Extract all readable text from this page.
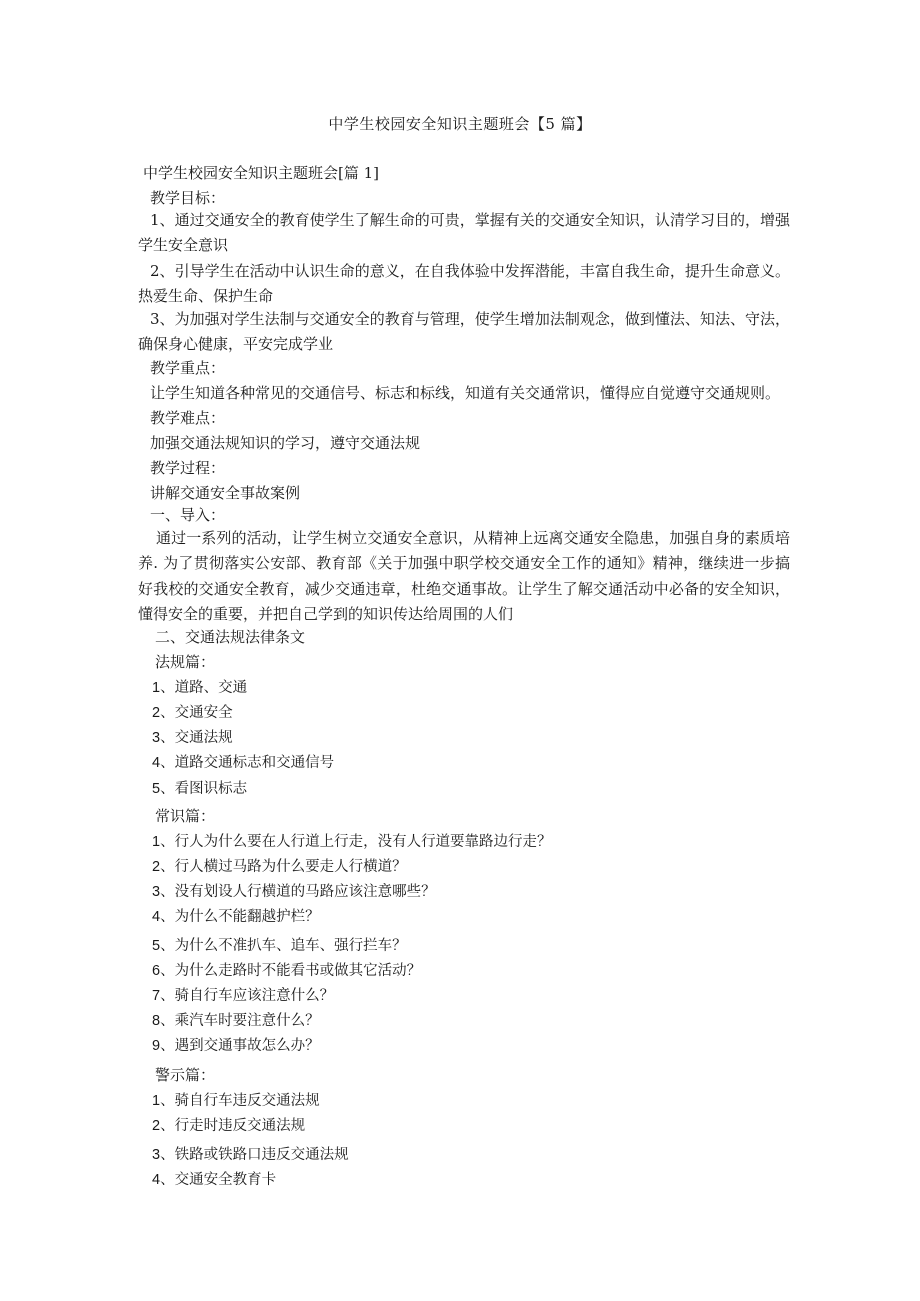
中学生校园安全知识主题班会【5 篇】
中学生校园安全知识主题班会[篇 1]
教学目标：
1、通过交通安全的教育使学生了解生命的可贵，掌握有关的交通安全知识，认清学习目的，增强学生安全意识
2、引导学生在活动中认识生命的意义，在自我体验中发挥潜能，丰富自我生命，提升生命意义。热爱生命、保护生命
3、为加强对学生法制与交通安全的教育与管理，使学生增加法制观念，做到懂法、知法、守法，确保身心健康，平安完成学业
教学重点：
让学生知道各种常见的交通信号、标志和标线，知道有关交通常识，懂得应自觉遵守交通规则。
教学难点：
加强交通法规知识的学习，遵守交通法规
教学过程：
讲解交通安全事故案例
一、导入：
通过一系列的活动，让学生树立交通安全意识，从精神上远离交通安全隐患，加强自身的素质培养. 为了贯彻落实公安部、教育部《关于加强中职学校交通安全工作的通知》精神，继续进一步搞好我校的交通安全教育，减少交通违章，杜绝交通事故。让学生了解交通活动中必备的安全知识，懂得安全的重要，并把自己学到的知识传达给周围的人们
二、交通法规法律条文
法规篇：
1、道路、交通
2、交通安全
3、交通法规
4、道路交通标志和交通信号
5、看图识标志
常识篇：
1、行人为什么要在人行道上行走，没有人行道要靠路边行走？
2、行人横过马路为什么要走人行横道？
3、没有划设人行横道的马路应该注意哪些？
4、为什么不能翻越护栏？
5、为什么不准扒车、追车、强行拦车？
6、为什么走路时不能看书或做其它活动？
7、骑自行车应该注意什么？
8、乘汽车时要注意什么？
9、遇到交通事故怎么办？
警示篇：
1、骑自行车违反交通法规
2、行走时违反交通法规
3、铁路或铁路口违反交通法规
4、交通安全教育卡
